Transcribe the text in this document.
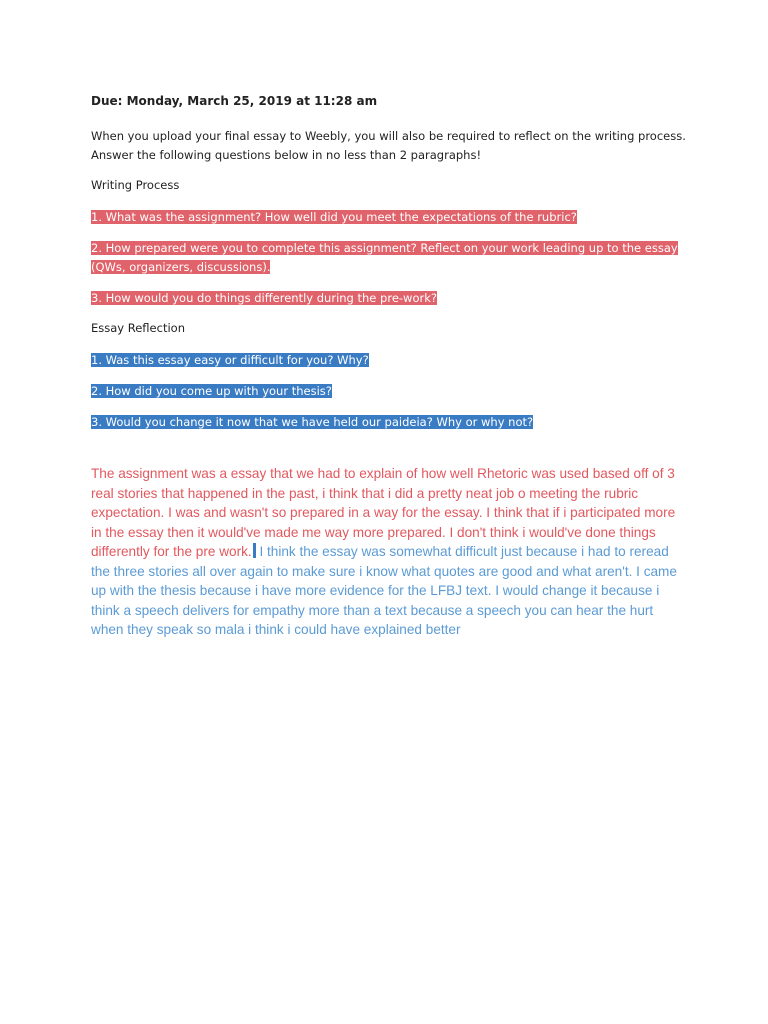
Due: Monday, March 25, 2019 at 11:28 am

When you upload your final essay to Weebly, you will also be required to reflect on the writing process. Answer the following questions below in no less than 2 paragraphs!

Writing Process

1. What was the assignment? How well did you meet the expectations of the rubric?

2. How prepared were you to complete this assignment? Reflect on your work leading up to the essay (QWs, organizers, discussions).

3. How would you do things differently during the pre-work?

Essay Reflection

1. Was this essay easy or difficult for you? Why?

2. How did you come up with your thesis?

3. Would you change it now that we have held our paideia? Why or why not?

The assignment was a essay that we had to explain of how well Rhetoric was used based off of 3 real stories that happened in the past, i think that i did a pretty neat job o meeting the rubric expectation. I was and wasn't so prepared in a way for the essay. I think that if i participated more in the essay then it would've made me way more prepared. I don't think i would've done things differently for the pre work. I think the essay was somewhat difficult just because i had to reread the three stories all over again to make sure i know what quotes are good and what aren't. I came up with the thesis because i have more evidence for the LFBJ text. I would change it because i think a speech delivers for empathy more than a text because a speech you can hear the hurt when they speak so mala i think i could have explained better
